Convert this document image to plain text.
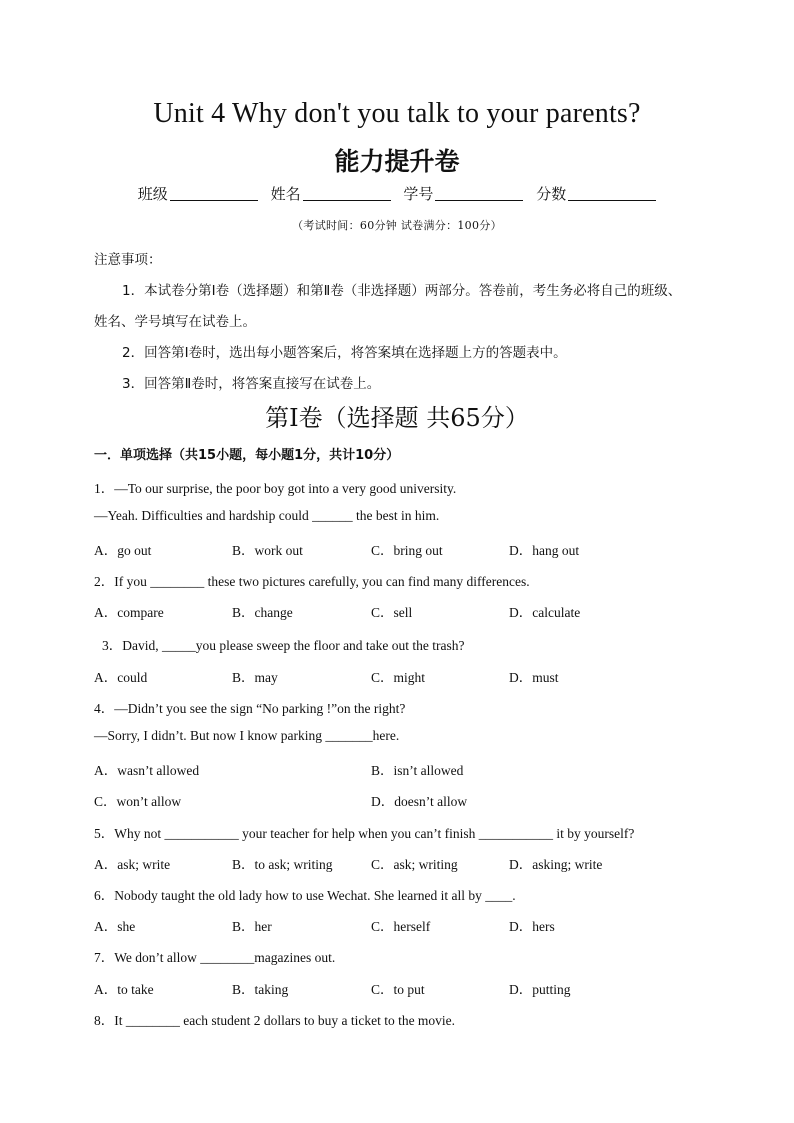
Unit 4 Why don't you talk to your parents?
能力提升卷
班级	姓名	学号	分数
（考试时间：60分钟 试卷满分：100分）
注意事项：
1．本试卷分第Ⅰ卷（选择题）和第Ⅱ卷（非选择题）两部分。答卷前，考生务必将自己的班级、
姓名、学号填写在试卷上。
2．回答第Ⅰ卷时，选出每小题答案后，将答案填在选择题上方的答题表中。
3．回答第Ⅱ卷时，将答案直接写在试卷上。
第Ⅰ卷（选择题 共65分）
一．单项选择（共15小题，每小题1分，共计10分）
1．—To our surprise, the poor boy got into a very good university.
—Yeah. Difficulties and hardship could ______ the best in him.
A．go out	B．work out	C．bring out	D．hang out
2．If you ________ these two pictures carefully, you can find many differences.
A．compare	B．change	C．sell	D．calculate
3．David, _____you please sweep the floor and take out the trash?
A．could	B．may	C．might	D．must
4．—Didn’t you see the sign “No parking !”on the right?
—Sorry, I didn’t. But now I know parking _______here.
A．wasn’t allowed	B．isn’t allowed
C．won’t allow	D．doesn’t allow
5．Why not ___________ your teacher for help when you can’t finish ___________ it by yourself?
A．ask; write	B．to ask; writing	C．ask; writing	D．asking; write
6．Nobody taught the old lady how to use Wechat. She learned it all by ____.
A．she	B．her	C．herself	D．hers
7．We don’t allow ________magazines out.
A．to take	B．taking	C．to put	D．putting
8．It ________ each student 2 dollars to buy a ticket to the movie.
